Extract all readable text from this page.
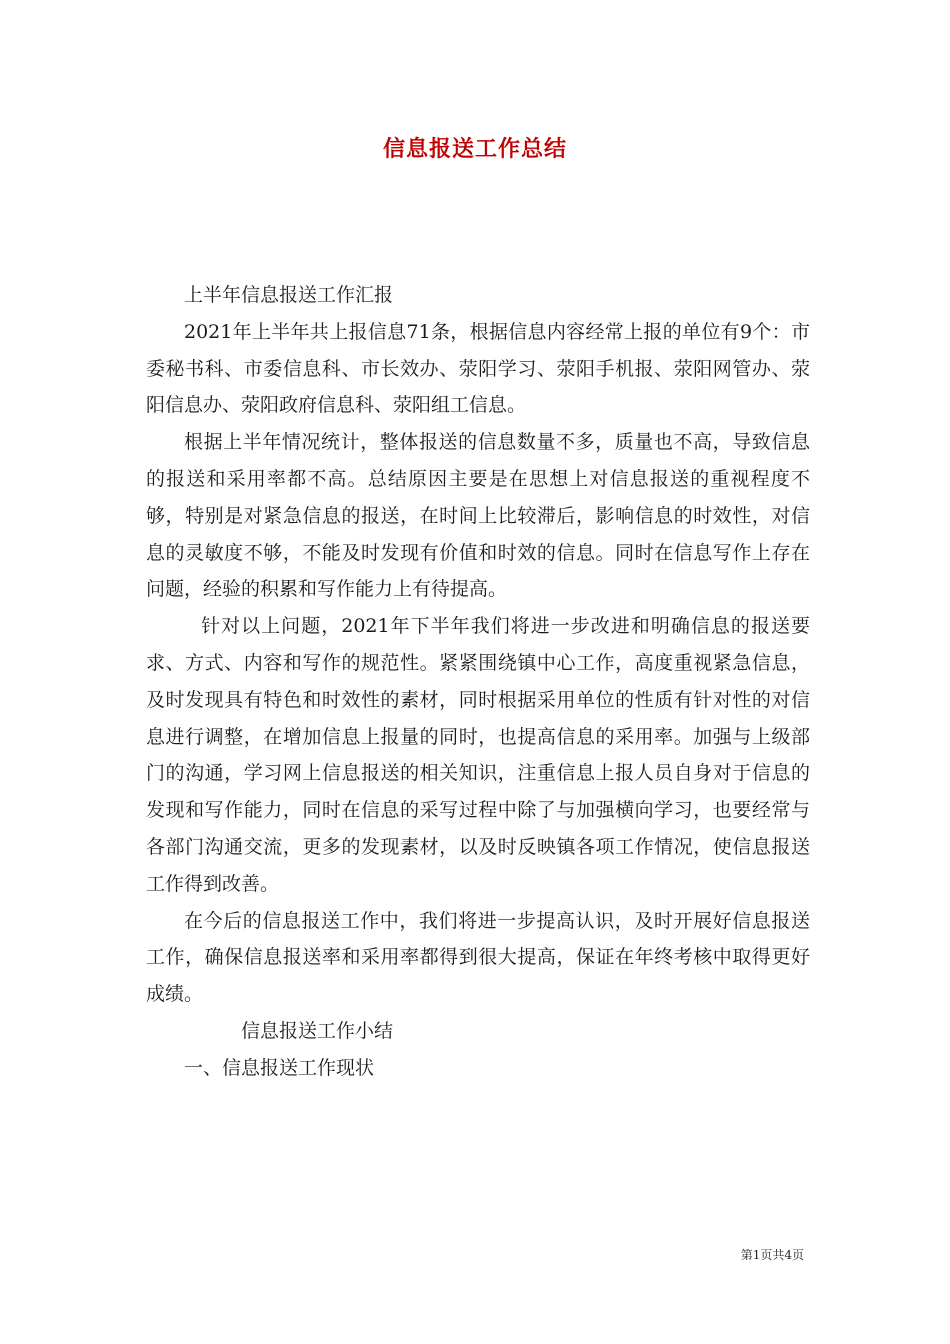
信息报送工作总结

上半年信息报送工作汇报

2021年上半年共上报信息71条，根据信息内容经常上报的单位有9个：市委秘书科、市委信息科、市长效办、荥阳学习、荥阳手机报、荥阳网管办、荥阳信息办、荥阳政府信息科、荥阳组工信息。

根据上半年情况统计，整体报送的信息数量不多，质量也不高，导致信息的报送和采用率都不高。总结原因主要是在思想上对信息报送的重视程度不够，特别是对紧急信息的报送，在时间上比较滞后，影响信息的时效性，对信息的灵敏度不够，不能及时发现有价值和时效的信息。同时在信息写作上存在问题，经验的积累和写作能力上有待提高。

针对以上问题，2021年下半年我们将进一步改进和明确信息的报送要求、方式、内容和写作的规范性。紧紧围绕镇中心工作，高度重视紧急信息，及时发现具有特色和时效性的素材，同时根据采用单位的性质有针对性的对信息进行调整，在增加信息上报量的同时，也提高信息的采用率。加强与上级部门的沟通，学习网上信息报送的相关知识，注重信息上报人员自身对于信息的发现和写作能力，同时在信息的采写过程中除了与加强横向学习，也要经常与各部门沟通交流，更多的发现素材，以及时反映镇各项工作情况，使信息报送工作得到改善。

在今后的信息报送工作中，我们将进一步提高认识，及时开展好信息报送工作，确保信息报送率和采用率都得到很大提高，保证在年终考核中取得更好成绩。

信息报送工作小结

一、信息报送工作现状

第1页共4页
